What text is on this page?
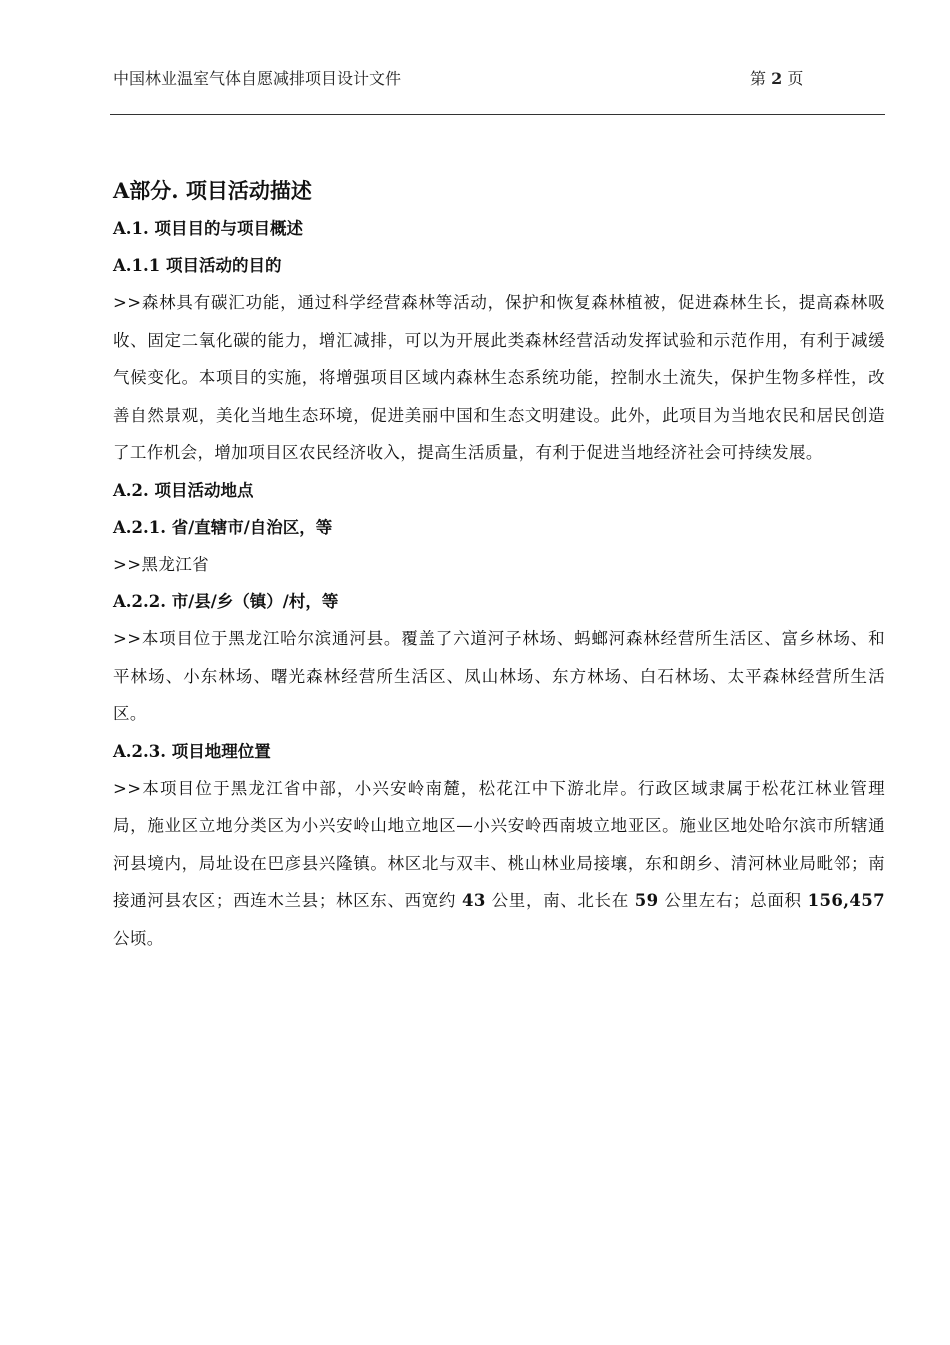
中国林业温室气体自愿减排项目设计文件	第 2 页
A部分. 项目活动描述
A.1. 项目目的与项目概述
A.1.1 项目活动的目的

>>森林具有碳汇功能，通过科学经营森林等活动，保护和恢复森林植被，促进森林生长，提高森林吸收、固定二氧化碳的能力，增汇减排，可以为开展此类森林经营活动发挥试验和示范作用，有利于减缓气候变化。本项目的实施，将增强项目区域内森林生态系统功能，控制水土流失，保护生物多样性，改善自然景观，美化当地生态环境，促进美丽中国和生态文明建设。此外，此项目为当地农民和居民创造了工作机会，增加项目区农民经济收入，提高生活质量，有利于促进当地经济社会可持续发展。

A.2. 项目活动地点
A.2.1. 省/直辖市/自治区，等

>>黑龙江省

A.2.2. 市/县/乡（镇）/村，等

>>本项目位于黑龙江哈尔滨通河县。覆盖了六道河子林场、蚂螂河森林经营所生活区、富乡林场、和平林场、小东林场、曙光森林经营所生活区、凤山林场、东方林场、白石林场、太平森林经营所生活区。

A.2.3. 项目地理位置

>>本项目位于黑龙江省中部，小兴安岭南麓，松花江中下游北岸。行政区域隶属于松花江林业管理局，施业区立地分类区为小兴安岭山地立地区—小兴安岭西南坡立地亚区。施业区地处哈尔滨市所辖通河县境内，局址设在巴彦县兴隆镇。林区北与双丰、桃山林业局接壤，东和朗乡、清河林业局毗邻；南接通河县农区；西连木兰县；林区东、西宽约 43 公里，南、北长在 59 公里左右；总面积 156,457 公顷。
